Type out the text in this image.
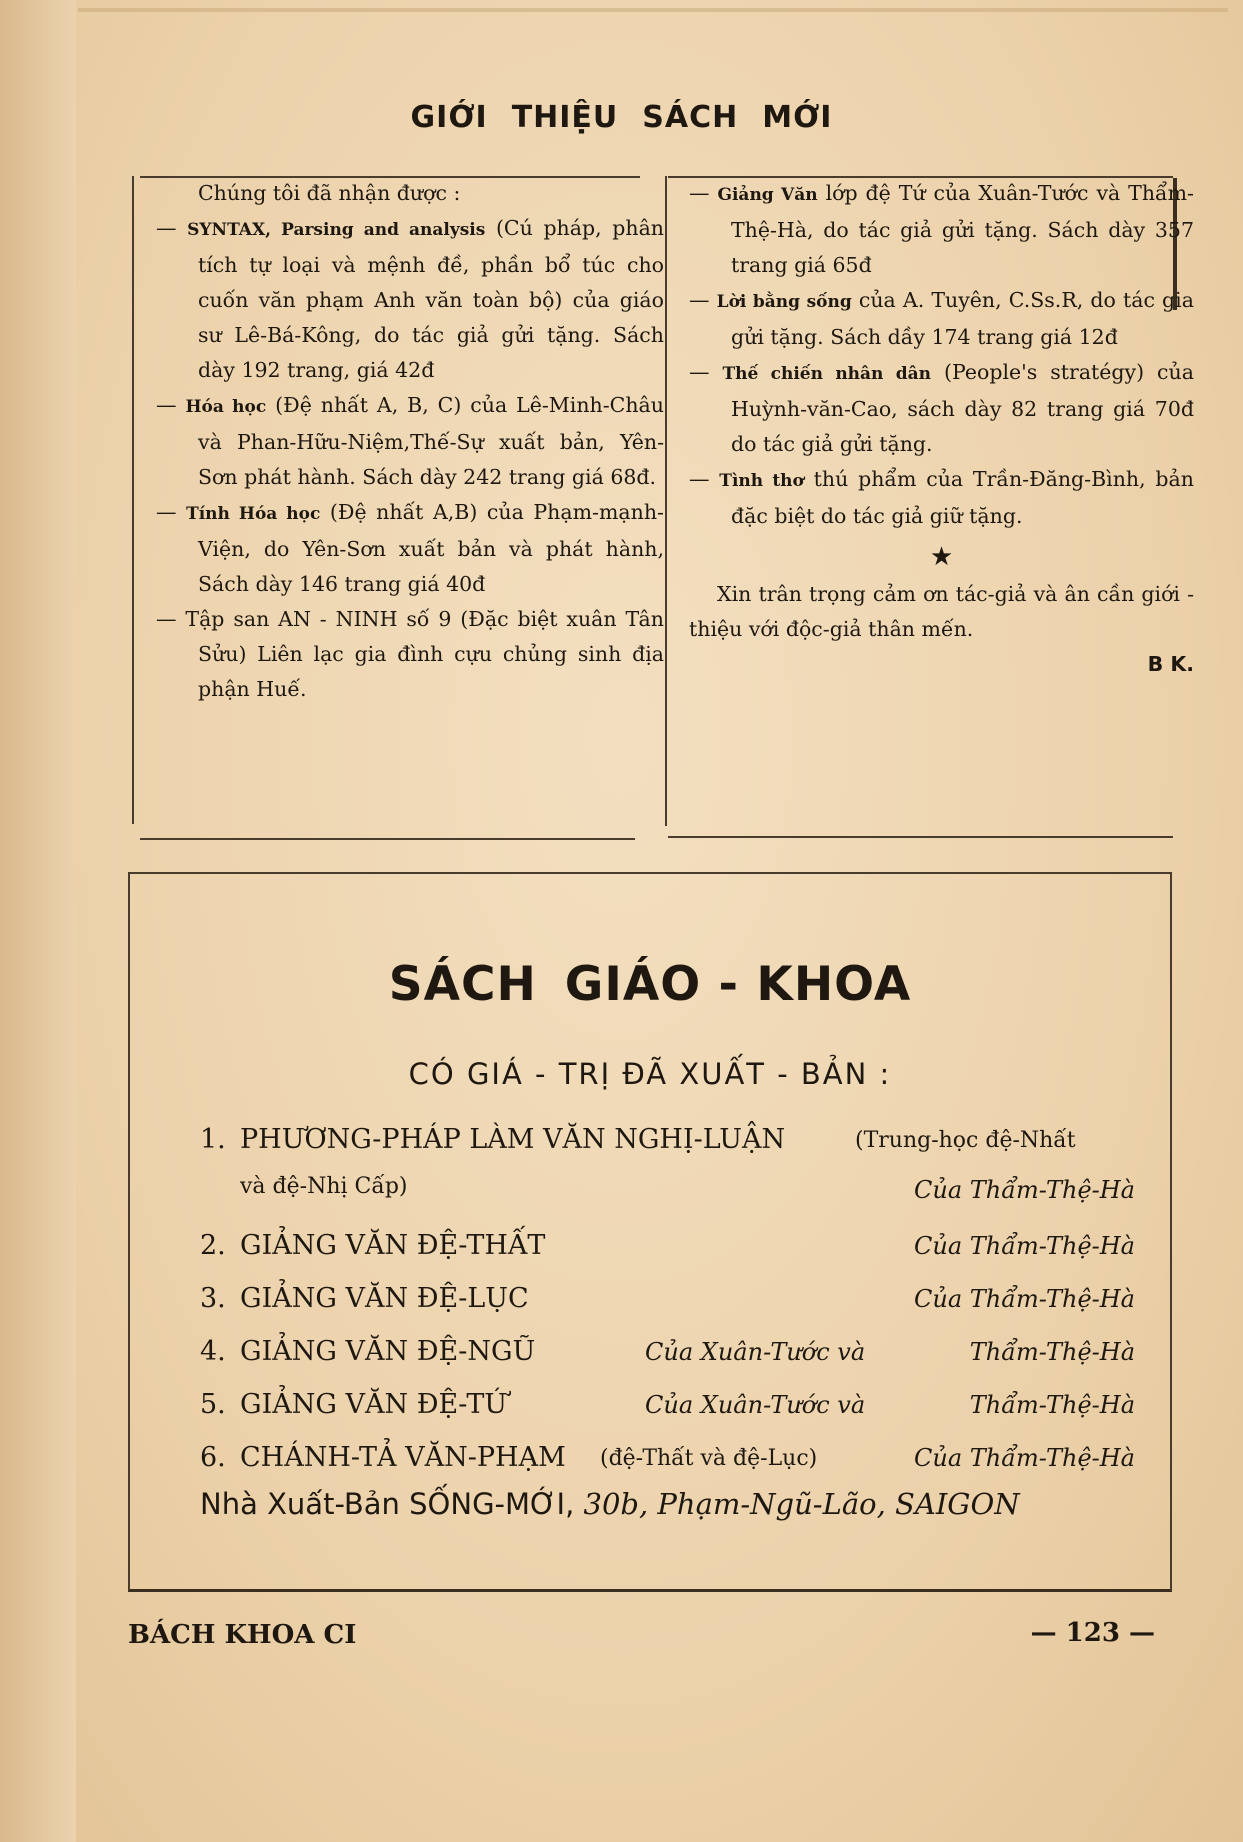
GIỚI THIỆU SÁCH MỚI
Chúng tôi đã nhận được :
— SYNTAX, Parsing and analysis (Cú pháp, phân tích tự loại và mệnh đề, phần bổ túc cho cuốn văn phạm Anh văn toàn bộ) của giáo sư Lê-Bá-Kông, do tác giả gửi tặng. Sách dày 192 trang, giá 42đ
— Hóa học (Đệ nhất A, B, C) của Lê-Minh-Châu và Phan-Hữu-Niệm,Thế-Sự xuất bản, Yên-Sơn phát hành. Sách dày 242 trang giá 68đ.
— Tính Hóa học (Đệ nhất A,B) của Phạm-mạnh-Viện, do Yên-Sơn xuất bản và phát hành, Sách dày 146 trang giá 40đ
— Tập san AN - NINH số 9 (Đặc biệt xuân Tân Sửu) Liên lạc gia đình cựu chủng sinh địa phận Huế.
— Giảng Văn lớp đệ Tứ của Xuân-Tước và Thẩm-Thệ-Hà, do tác giả gửi tặng. Sách dày 357 trang giá 65đ
— Lời bằng sống của A. Tuyên, C.Ss.R, do tác gia gửi tặng. Sách dầy 174 trang giá 12đ
— Thế chiến nhân dân (People's stratégy) của Huỳnh-văn-Cao, sách dày 82 trang giá 70đ do tác giả gửi tặng.
— Tình thơ thú phẩm của Trần-Đăng-Bình, bản đặc biệt do tác giả giữ tặng.
★
Xin trân trọng cảm ơn tác-giả và ân cần giới - thiệu với độc-giả thân mến.
B K.
SÁCH GIÁO - KHOA
CÓ GIÁ - TRỊ ĐÃ XUẤT - BẢN :
1. PHƯƠNG-PHÁP LÀM VĂN NGHỊ-LUẬN	(Trung-học đệ-Nhất
và đệ-Nhị Cấp)	Của Thẩm-Thệ-Hà
2. GIẢNG VĂN ĐỆ-THẤT	Của Thẩm-Thệ-Hà
3. GIẢNG VĂN ĐỆ-LỤC	Của Thẩm-Thệ-Hà
4. GIẢNG VĂN ĐỆ-NGŨ	Của Xuân-Tước và	Thẩm-Thệ-Hà
5. GIẢNG VĂN ĐỆ-TỨ	Của Xuân-Tước và	Thẩm-Thệ-Hà
6. CHÁNH-TẢ VĂN-PHẠM (đệ-Thất và đệ-Lục)	Của Thẩm-Thệ-Hà
Nhà Xuất-Bản SỐNG-MỚI, 30b, Phạm-Ngũ-Lão, SAIGON
BÁCH KHOA CI	— 123 —
